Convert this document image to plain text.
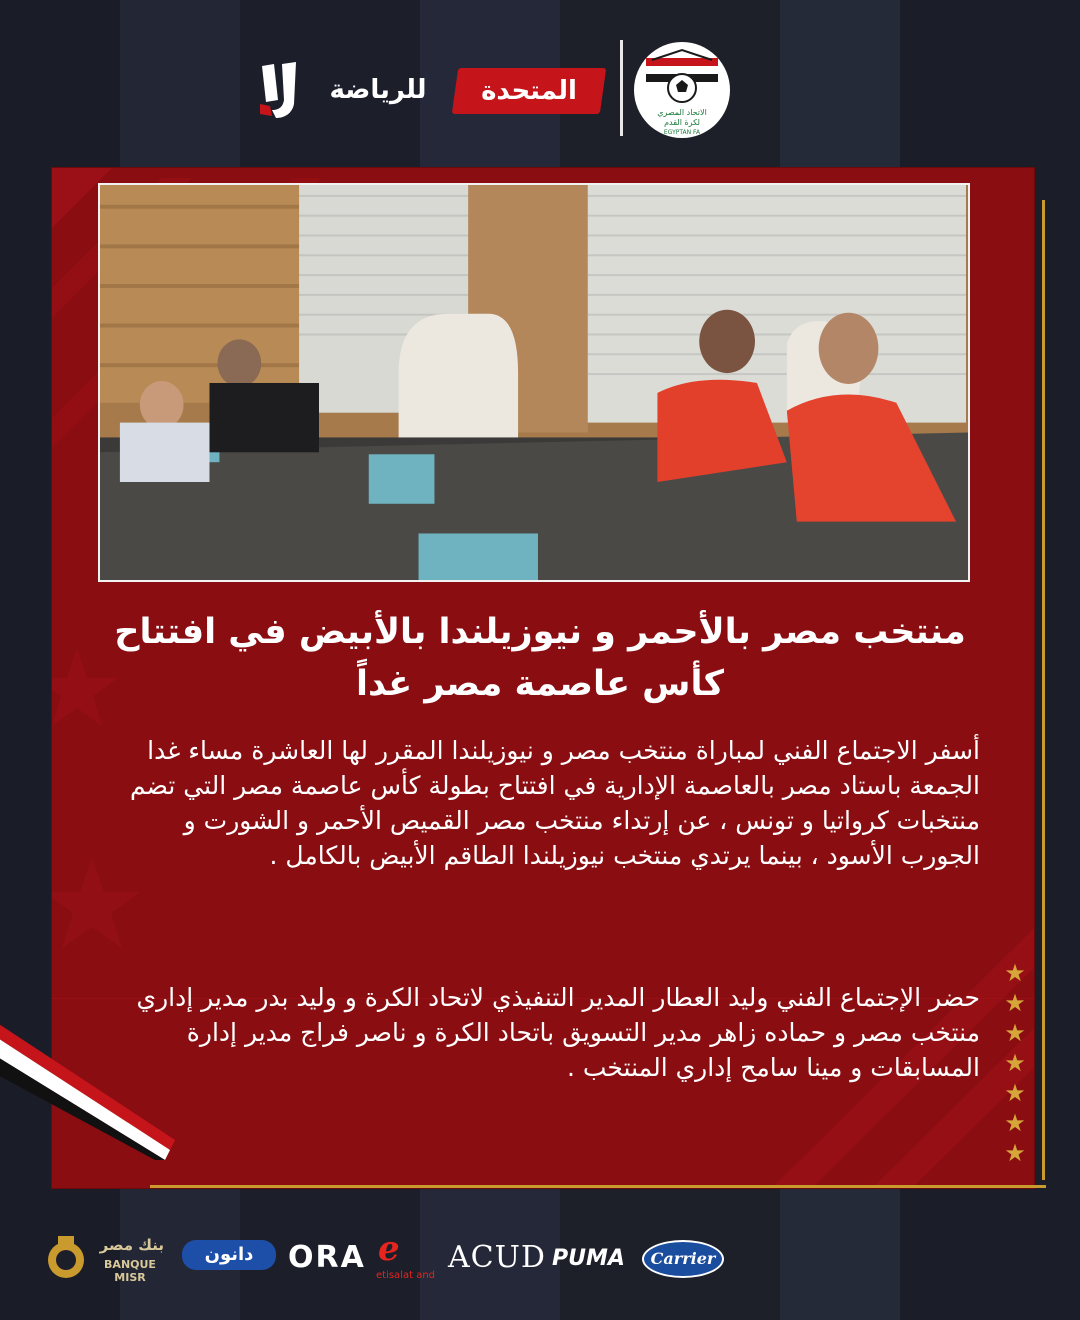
للرياضة	المتحدة
الاتحاد المصري
لكرة القدم
EGYPTAN FA
منتخب مصر بالأحمر و نيوزيلندا بالأبيض في افتتاح كأس عاصمة مصر غداً

أسفر الاجتماع الفني لمباراة منتخب مصر و نيوزيلندا المقرر لها العاشرة مساء غدا الجمعة باستاد مصر بالعاصمة الإدارية في افتتاح بطولة كأس عاصمة مصر التي تضم منتخبات كرواتيا و تونس ، عن إرتداء منتخب مصر القميص الأحمر و الشورت و الجورب الأسود ، بينما يرتدي منتخب نيوزيلندا الطاقم الأبيض بالكامل .

حضر الإجتماع الفني وليد العطار المدير التنفيذي لاتحاد الكرة و وليد بدر مدير إداري منتخب مصر و حماده زاهر مدير التسويق باتحاد الكرة و ناصر فراج مدير إدارة المسابقات و مينا سامح إداري المنتخب .

★
★
★
★
★
★
★
بنك مصر
BANQUE MISR
دانون	ORA ℯ
etisalat and
ACUD PUMA	Carrier
